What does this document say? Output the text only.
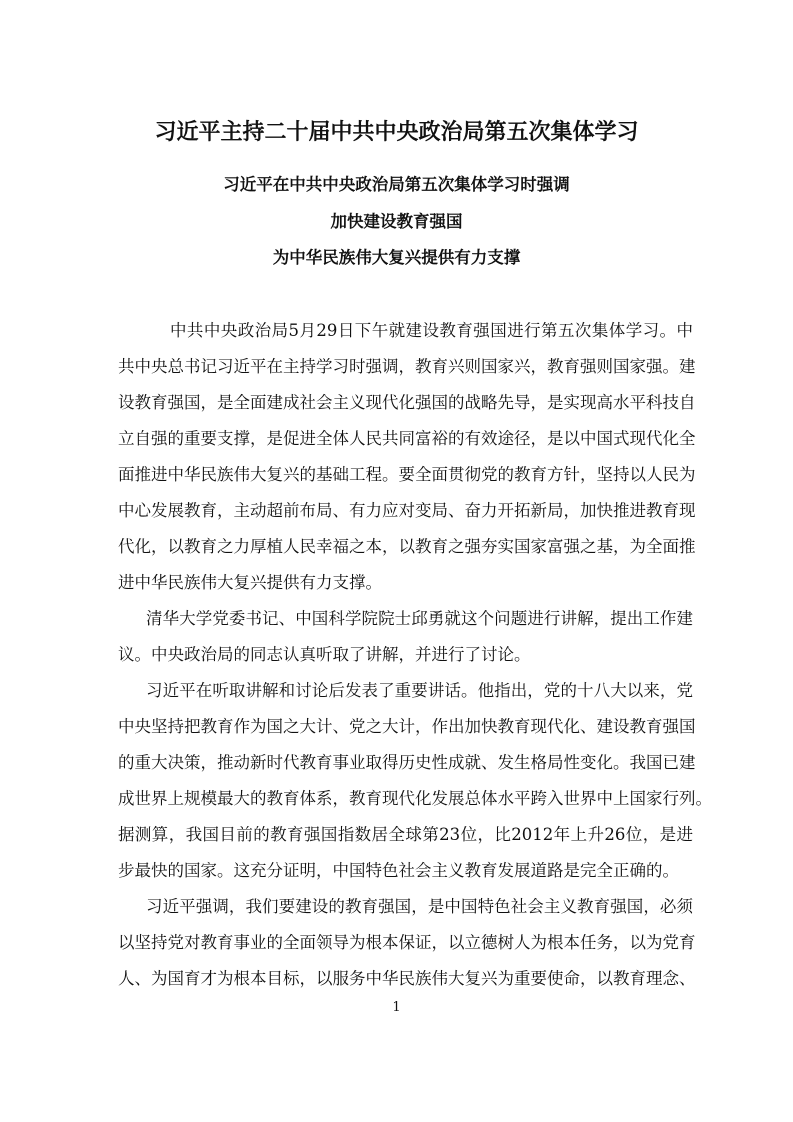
习近平主持二十届中共中央政治局第五次集体学习
习近平在中共中央政治局第五次集体学习时强调
加快建设教育强国
为中华民族伟大复兴提供有力支撑
中共中央政治局5月29日下午就建设教育强国进行第五次集体学习。中
共中央总书记习近平在主持学习时强调，教育兴则国家兴，教育强则国家强。建
设教育强国，是全面建成社会主义现代化强国的战略先导，是实现高水平科技自
立自强的重要支撑，是促进全体人民共同富裕的有效途径，是以中国式现代化全
面推进中华民族伟大复兴的基础工程。要全面贯彻党的教育方针，坚持以人民为
中心发展教育，主动超前布局、有力应对变局、奋力开拓新局，加快推进教育现
代化，以教育之力厚植人民幸福之本，以教育之强夯实国家富强之基，为全面推
进中华民族伟大复兴提供有力支撑。
清华大学党委书记、中国科学院院士邱勇就这个问题进行讲解，提出工作建
议。中央政治局的同志认真听取了讲解，并进行了讨论。
习近平在听取讲解和讨论后发表了重要讲话。他指出，党的十八大以来，党
中央坚持把教育作为国之大计、党之大计，作出加快教育现代化、建设教育强国
的重大决策，推动新时代教育事业取得历史性成就、发生格局性变化。我国已建
成世界上规模最大的教育体系，教育现代化发展总体水平跨入世界中上国家行列。
据测算，我国目前的教育强国指数居全球第23位，比2012年上升26位，是进
步最快的国家。这充分证明，中国特色社会主义教育发展道路是完全正确的。
习近平强调，我们要建设的教育强国，是中国特色社会主义教育强国，必须
以坚持党对教育事业的全面领导为根本保证，以立德树人为根本任务，以为党育
人、为国育才为根本目标，以服务中华民族伟大复兴为重要使命，以教育理念、
1
